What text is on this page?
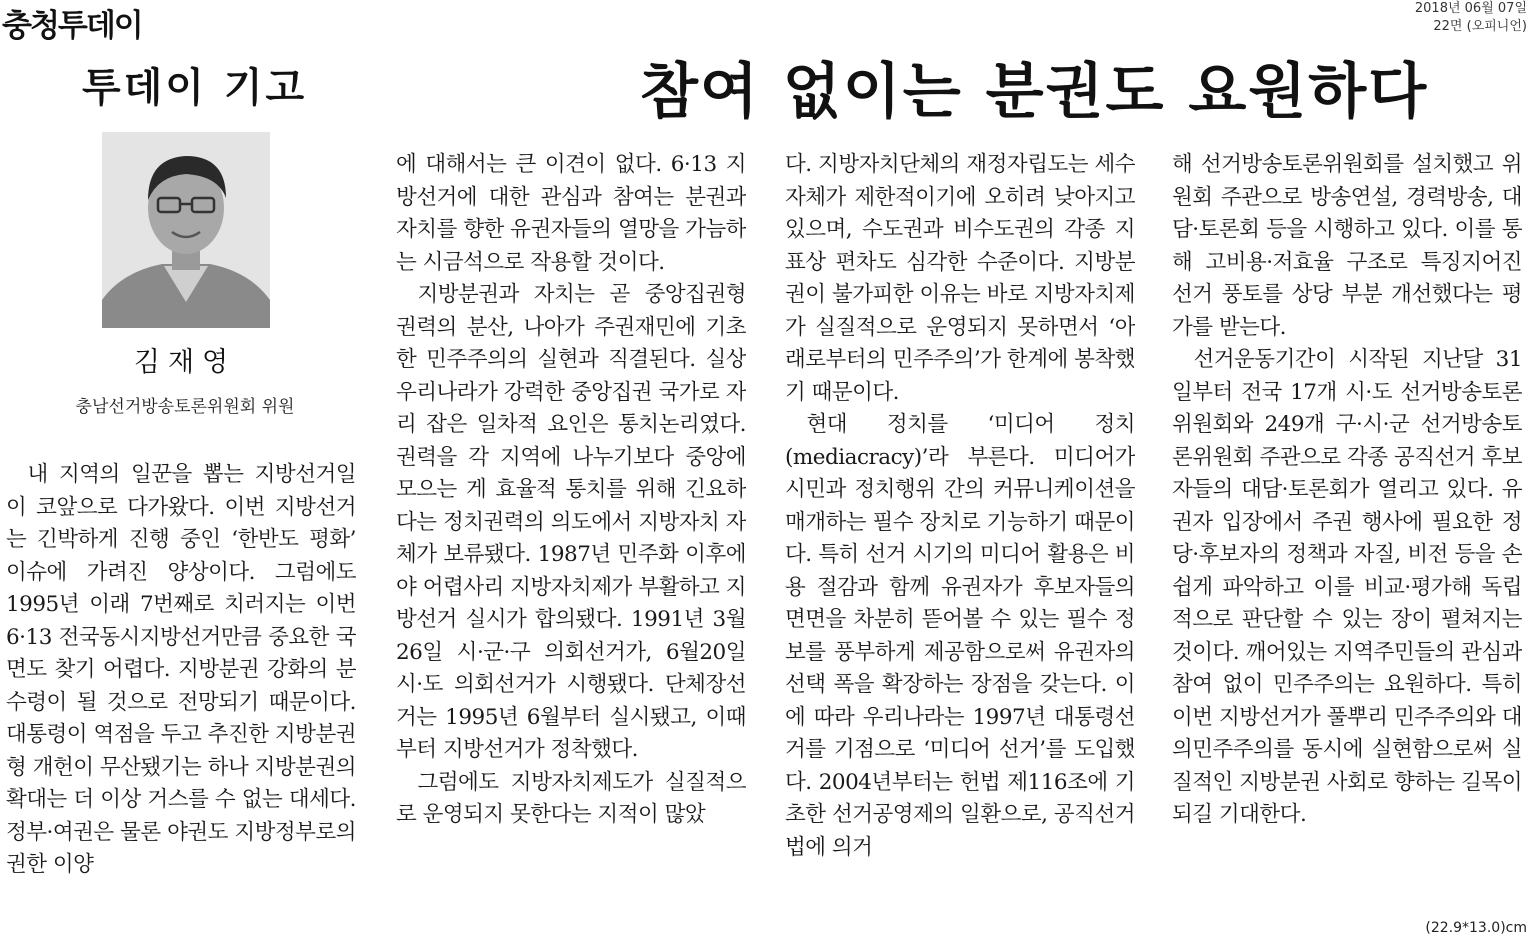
충청투데이	2018년 06월 07일
22면 (오피니언)
투데이 기고	참여 없이는 분권도 요원하다
김재영
충남선거방송토론위원회 위원

내 지역의 일꾼을 뽑는 지방선거일이 코앞으로 다가왔다. 이번 지방선거는 긴박하게 진행 중인 ‘한반도 평화’ 이슈에 가려진 양상이다. 그럼에도 1995년 이래 7번째로 치러지는 이번 6·13 전국동시지방선거만큼 중요한 국면도 찾기 어렵다. 지방분권 강화의 분수령이 될 것으로 전망되기 때문이다. 대통령이 역점을 두고 추진한 지방분권형 개헌이 무산됐기는 하나 지방분권의 확대는 더 이상 거스를 수 없는 대세다. 정부·여권은 물론 야권도 지방정부로의 권한 이양

에 대해서는 큰 이견이 없다. 6·13 지방선거에 대한 관심과 참여는 분권과 자치를 향한 유권자들의 열망을 가늠하는 시금석으로 작용할 것이다.

지방분권과 자치는 곧 중앙집권형 권력의 분산, 나아가 주권재민에 기초한 민주주의의 실현과 직결된다. 실상 우리나라가 강력한 중앙집권 국가로 자리 잡은 일차적 요인은 통치논리였다. 권력을 각 지역에 나누기보다 중앙에 모으는 게 효율적 통치를 위해 긴요하다는 정치권력의 의도에서 지방자치 자체가 보류됐다. 1987년 민주화 이후에야 어렵사리 지방자치제가 부활하고 지방선거 실시가 합의됐다. 1991년 3월26일 시·군·구 의회선거가, 6월20일 시·도 의회선거가 시행됐다. 단체장선거는 1995년 6월부터 실시됐고, 이때부터 지방선거가 정착했다.

그럼에도 지방자치제도가 실질적으로 운영되지 못한다는 지적이 많았

다. 지방자치단체의 재정자립도는 세수 자체가 제한적이기에 오히려 낮아지고 있으며, 수도권과 비수도권의 각종 지표상 편차도 심각한 수준이다. 지방분권이 불가피한 이유는 바로 지방자치제가 실질적으로 운영되지 못하면서 ‘아래로부터의 민주주의’가 한계에 봉착했기 때문이다.

현대 정치를 ‘미디어 정치(mediacracy)’라 부른다. 미디어가 시민과 정치행위 간의 커뮤니케이션을 매개하는 필수 장치로 기능하기 때문이다. 특히 선거 시기의 미디어 활용은 비용 절감과 함께 유권자가 후보자들의 면면을 차분히 뜯어볼 수 있는 필수 정보를 풍부하게 제공함으로써 유권자의 선택 폭을 확장하는 장점을 갖는다. 이에 따라 우리나라는 1997년 대통령선거를 기점으로 ‘미디어 선거’를 도입했다. 2004년부터는 헌법 제116조에 기초한 선거공영제의 일환으로, 공직선거법에 의거

해 선거방송토론위원회를 설치했고 위원회 주관으로 방송연설, 경력방송, 대담·토론회 등을 시행하고 있다. 이를 통해 고비용·저효율 구조로 특징지어진 선거 풍토를 상당 부분 개선했다는 평가를 받는다.

선거운동기간이 시작된 지난달 31일부터 전국 17개 시·도 선거방송토론위원회와 249개 구·시·군 선거방송토론위원회 주관으로 각종 공직선거 후보자들의 대담·토론회가 열리고 있다. 유권자 입장에서 주권 행사에 필요한 정당·후보자의 정책과 자질, 비전 등을 손쉽게 파악하고 이를 비교·평가해 독립적으로 판단할 수 있는 장이 펼쳐지는 것이다. 깨어있는 지역주민들의 관심과 참여 없이 민주주의는 요원하다. 특히 이번 지방선거가 풀뿌리 민주주의와 대의민주주의를 동시에 실현함으로써 실질적인 지방분권 사회로 향하는 길목이 되길 기대한다.

(22.9*13.0)cm
